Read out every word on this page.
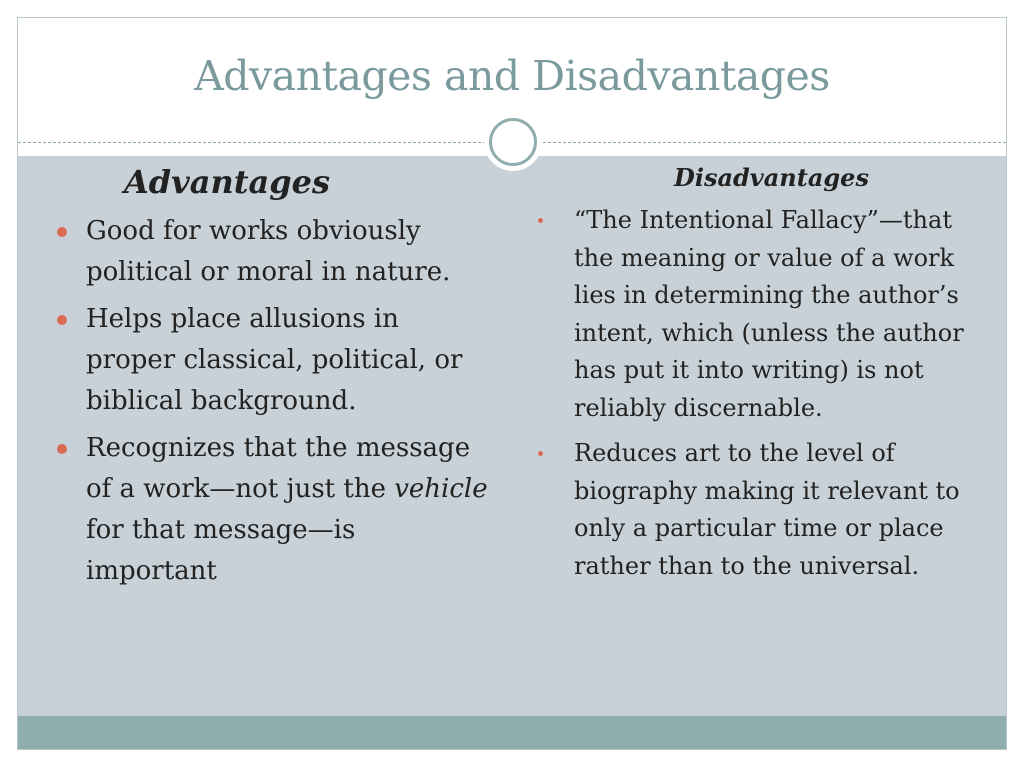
Advantages and Disadvantages

Advantages

Good for works obviously political or moral in nature.
Helps place allusions in proper classical, political, or biblical background.
Recognizes that the message of a work—not just the vehicle for that message—is important

Disadvantages

“The Intentional Fallacy”—that the meaning or value of a work lies in determining the author’s intent, which (unless the author has put it into writing) is not reliably discernable.
Reduces art to the level of biography making it relevant to only a particular time or place rather than to the universal.
